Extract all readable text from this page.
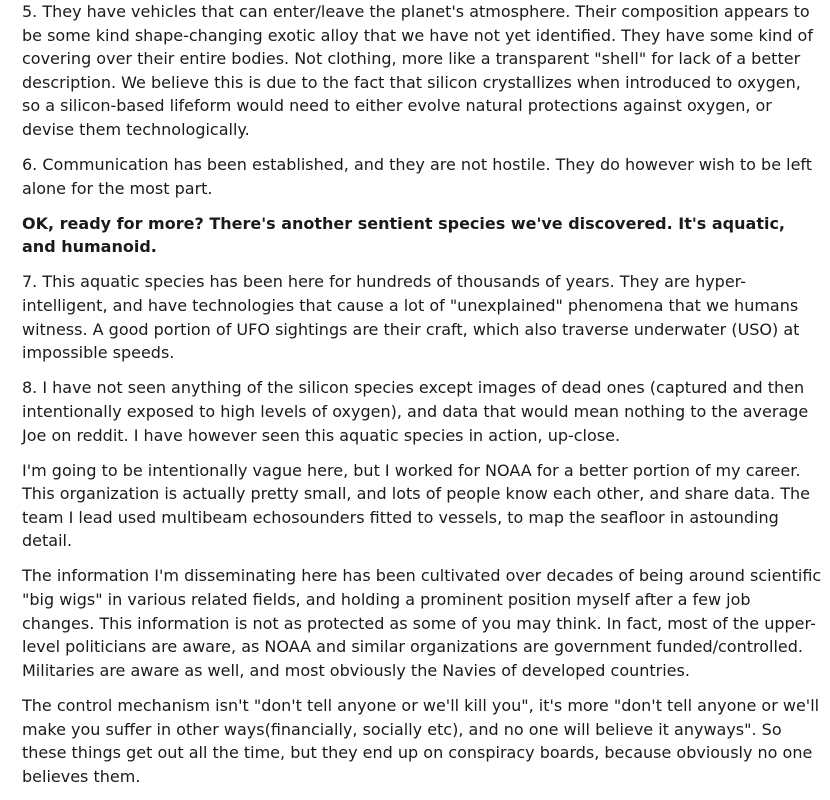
5. They have vehicles that can enter/leave the planet's atmosphere. Their composition appears to be some kind shape-changing exotic alloy that we have not yet identified. They have some kind of covering over their entire bodies. Not clothing, more like a transparent "shell" for lack of a better description. We believe this is due to the fact that silicon crystallizes when introduced to oxygen, so a silicon-based lifeform would need to either evolve natural protections against oxygen, or devise them technologically.

6. Communication has been established, and they are not hostile. They do however wish to be left alone for the most part.

OK, ready for more? There's another sentient species we've discovered. It's aquatic, and humanoid.

7. This aquatic species has been here for hundreds of thousands of years. They are hyper-intelligent, and have technologies that cause a lot of "unexplained" phenomena that we humans witness. A good portion of UFO sightings are their craft, which also traverse underwater (USO) at impossible speeds.

8. I have not seen anything of the silicon species except images of dead ones (captured and then intentionally exposed to high levels of oxygen), and data that would mean nothing to the average Joe on reddit. I have however seen this aquatic species in action, up-close.

I'm going to be intentionally vague here, but I worked for NOAA for a better portion of my career. This organization is actually pretty small, and lots of people know each other, and share data. The team I lead used multibeam echosounders fitted to vessels, to map the seafloor in astounding detail.

The information I'm disseminating here has been cultivated over decades of being around scientific "big wigs" in various related fields, and holding a prominent position myself after a few job changes. This information is not as protected as some of you may think. In fact, most of the upper-level politicians are aware, as NOAA and similar organizations are government funded/controlled. Militaries are aware as well, and most obviously the Navies of developed countries.

The control mechanism isn't "don't tell anyone or we'll kill you", it's more "don't tell anyone or we'll make you suffer in other ways(financially, socially etc), and no one will believe it anyways". So these things get out all the time, but they end up on conspiracy boards, because obviously no one believes them.
